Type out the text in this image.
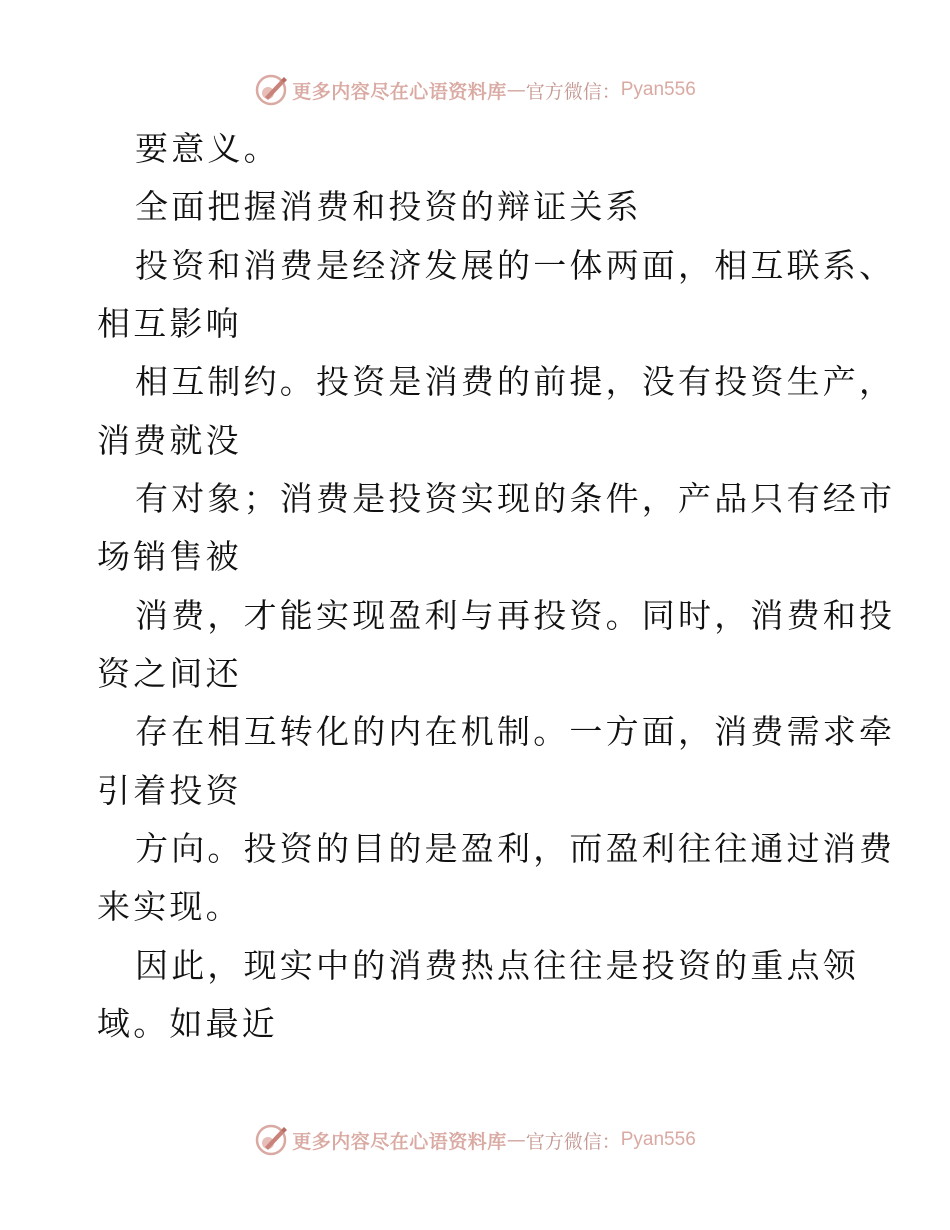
更多内容尽在心语资料库 — 官方微信： Pyan556
要意义。
全面把握消费和投资的辩证关系
投资和消费是经济发展的一体两面，相互联系、
相互影响
相互制约。投资是消费的前提，没有投资生产，
消费就没
有对象；消费是投资实现的条件，产品只有经市
场销售被
消费，才能实现盈利与再投资。同时，消费和投
资之间还
存在相互转化的内在机制。一方面，消费需求牵
引着投资
方向。投资的目的是盈利，而盈利往往通过消费
来实现。
因此，现实中的消费热点往往是投资的重点领
域。如最近
更多内容尽在心语资料库 — 官方微信： Pyan556
